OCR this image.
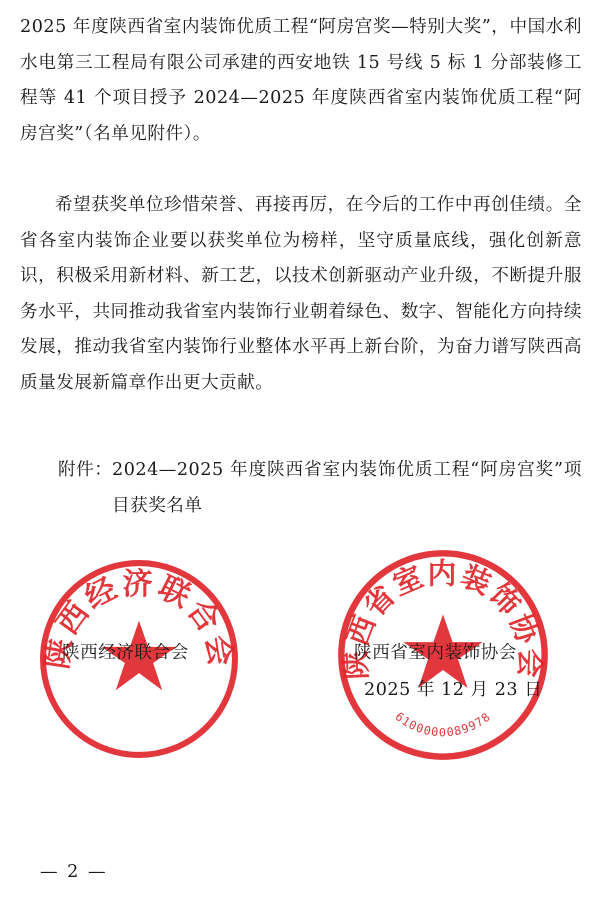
2025 年度陕西省室内装饰优质工程“阿房宫奖—特别大奖”，中国水利水电第三工程局有限公司承建的西安地铁 15 号线 5 标 1 分部装修工程等 41 个项目授予 2024—2025 年度陕西省室内装饰优质工程“阿房宫奖”（名单见附件）。

希望获奖单位珍惜荣誉、再接再厉，在今后的工作中再创佳绩。全省各室内装饰企业要以获奖单位为榜样，坚守质量底线，强化创新意识，积极采用新材料、新工艺，以技术创新驱动产业升级，不断提升服务水平，共同推动我省室内装饰行业朝着绿色、数字、智能化方向持续发展，推动我省室内装饰行业整体水平再上新台阶，为奋力谱写陕西高质量发展新篇章作出更大贡献。

附件： 2024—2025 年度陕西省室内装饰优质工程“阿房宫奖”项目获奖名单
陕西经济联合会	陕西省室内装饰协会
6100000089978
陕西经济联合会	陕西省室内装饰协会
2025 年 12 月 23 日
— 2 —
